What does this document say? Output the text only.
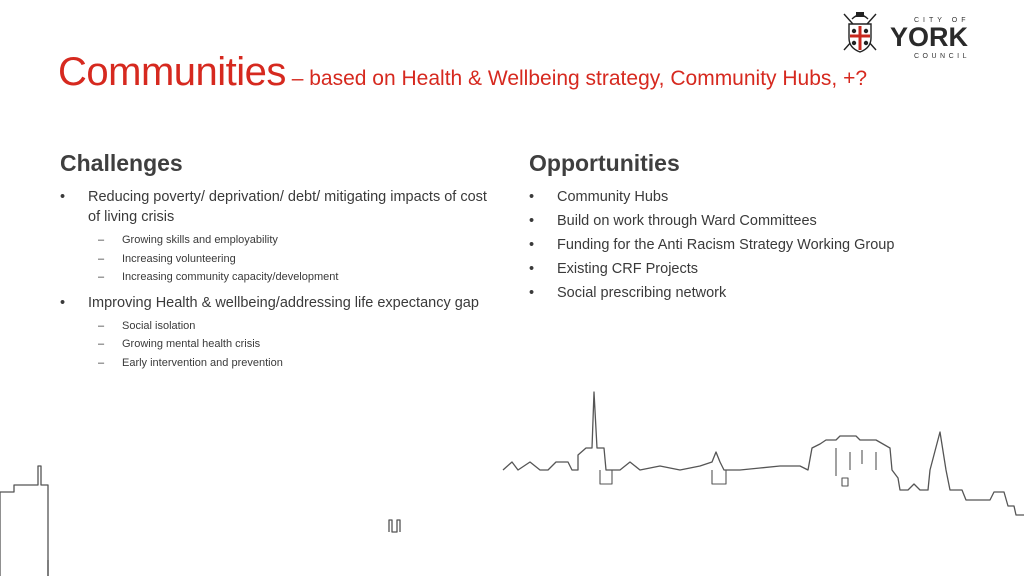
Communities – based on Health & Wellbeing strategy, Community Hubs, +?
CITY OF
YORK
COUNCIL
Challenges
• Reducing poverty/ deprivation/ debt/ mitigating impacts of cost of living crisis
– Growing skills and employability
– Increasing volunteering
– Increasing community capacity/development
• Improving Health & wellbeing/addressing life expectancy gap
– Social isolation
– Growing mental health crisis
– Early intervention and prevention
Opportunities
• Community Hubs
• Build on work through Ward Committees
• Funding for the Anti Racism Strategy Working Group
• Existing CRF Projects
• Social prescribing network
